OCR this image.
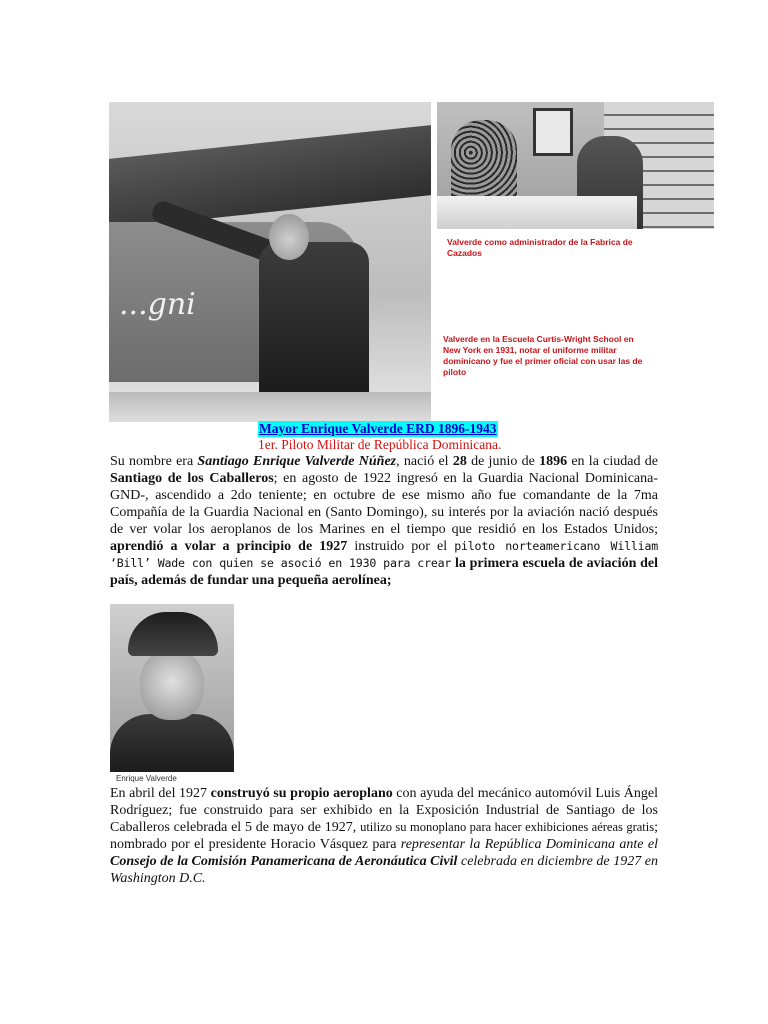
...gni
Valverde como administrador de la Fabrica de Cazados
Valverde en la Escuela Curtis-Wright School en New York en 1931, notar el uniforme militar dominicano y fue el primer oficial con usar las de piloto
Mayor Enrique Valverde ERD 1896-1943
1er. Piloto Militar de República Dominicana.
Su nombre era Santiago Enrique Valverde Núñez, nació el 28 de junio de 1896 en la ciudad de Santiago de los Caballeros; en agosto de 1922 ingresó en la Guardia Nacional Dominicana-GND-, ascendido a 2do teniente; en octubre de ese mismo año fue comandante de la 7ma Compañía de la Guardia Nacional en (Santo Domingo), su interés por la aviación nació después de ver volar los aeroplanos de los Marines en el tiempo que residió en los Estados Unidos; aprendió a volar a principio de 1927 instruido por el piloto norteamericano William ‘Bill’ Wade con quien se asoció en 1930 para crear la primera escuela de aviación del país, además de fundar una pequeña aerolínea;
Enrique Valverde
En abril del 1927 construyó su propio aeroplano con ayuda del mecánico automóvil Luis Ángel Rodríguez; fue construido para ser exhibido en la Exposición Industrial de Santiago de los Caballeros celebrada el 5 de mayo de 1927, utilizo su monoplano para hacer exhibiciones aéreas gratis; nombrado por el presidente Horacio Vásquez para representar la República Dominicana ante el Consejo de la Comisión Panamericana de Aeronáutica Civil celebrada en diciembre de 1927 en Washington D.C.
